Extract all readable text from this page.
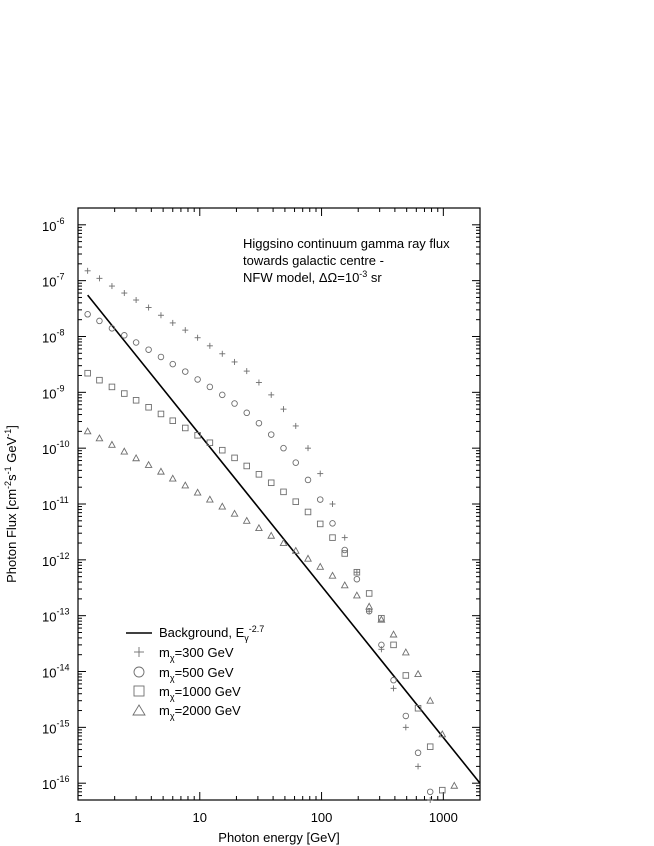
1	10	100	1000
$10^{-6}$
$10^{-7}$
$10^{-8}$
$10^{-9}$
$10^{-10}$
$10^{-11}$
$10^{-12}$
$10^{-13}$
$10^{-14}$
$10^{-15}$
$10^{-16}$
Photon energy [GeV]
Photon Flux [$cm^{-2}s^{-1}$ GeV$^{-1}$]
Higgsino continuum gamma ray flux
towards galactic centre -
NFW model, $\Delta\Omega=10^{-3}$ sr
Background, $E_\gamma^{-2.7}$
$m_\chi=300$ GeV
$m_\chi=500$ GeV
$m_\chi=1000$ GeV
$m_\chi=2000$ GeV
